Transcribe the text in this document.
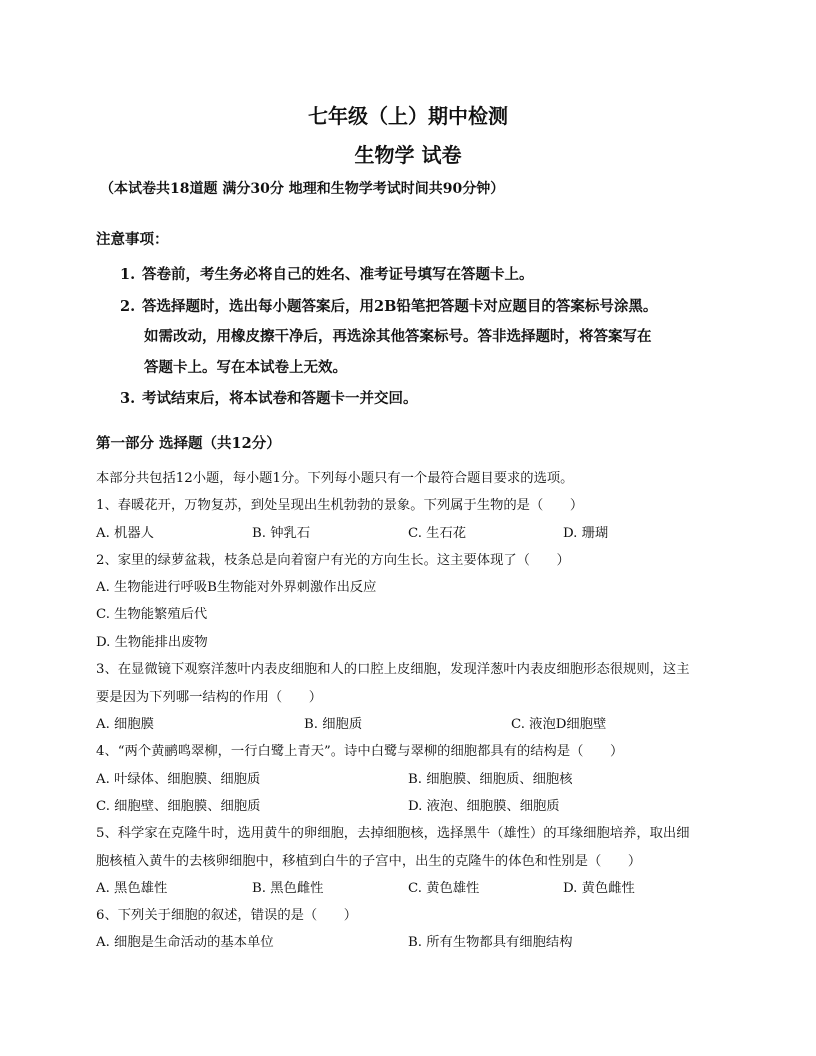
七年级（上）期中检测
生物学 试卷
（本试卷共18道题 满分30分 地理和生物学考试时间共90分钟）
注意事项：
1. 答卷前，考生务必将自己的姓名、准考证号填写在答题卡上。
2. 答选择题时，选出每小题答案后，用2B铅笔把答题卡对应题目的答案标号涂黑。
如需改动，用橡皮擦干净后，再选涂其他答案标号。答非选择题时，将答案写在
答题卡上。写在本试卷上无效。
3. 考试结束后，将本试卷和答题卡一并交回。
第一部分 选择题（共12分）
本部分共包括12小题，每小题1分。下列每小题只有一个最符合题目要求的选项。
1、春暖花开，万物复苏，到处呈现出生机勃勃的景象。下列属于生物的是（　　）
A. 机器人	B. 钟乳石	C. 生石花	D. 珊瑚
2、家里的绿萝盆栽，枝条总是向着窗户有光的方向生长。这主要体现了（　　）
A. 生物能进行呼吸B生物能对外界刺激作出反应
C. 生物能繁殖后代
D. 生物能排出废物
3、在显微镜下观察洋葱叶内表皮细胞和人的口腔上皮细胞，发现洋葱叶内表皮细胞形态很规则，这主
要是因为下列哪一结构的作用（　　）
A. 细胞膜	B. 细胞质	C. 液泡D细胞壁
4、“两个黄鹂鸣翠柳，一行白鹭上青天”。诗中白鹭与翠柳的细胞都具有的结构是（　　）
A. 叶绿体、细胞膜、细胞质	B. 细胞膜、细胞质、细胞核
C. 细胞壁、细胞膜、细胞质	D. 液泡、细胞膜、细胞质
5、科学家在克隆牛时，选用黄牛的卵细胞，去掉细胞核，选择黑牛（雄性）的耳缘细胞培养，取出细
胞核植入黄牛的去核卵细胞中，移植到白牛的子宫中，出生的克隆牛的体色和性别是（　　）
A. 黑色雄性	B. 黑色雌性	C. 黄色雄性	D. 黄色雌性
6、下列关于细胞的叙述，错误的是（　　）
A. 细胞是生命活动的基本单位	B. 所有生物都具有细胞结构
